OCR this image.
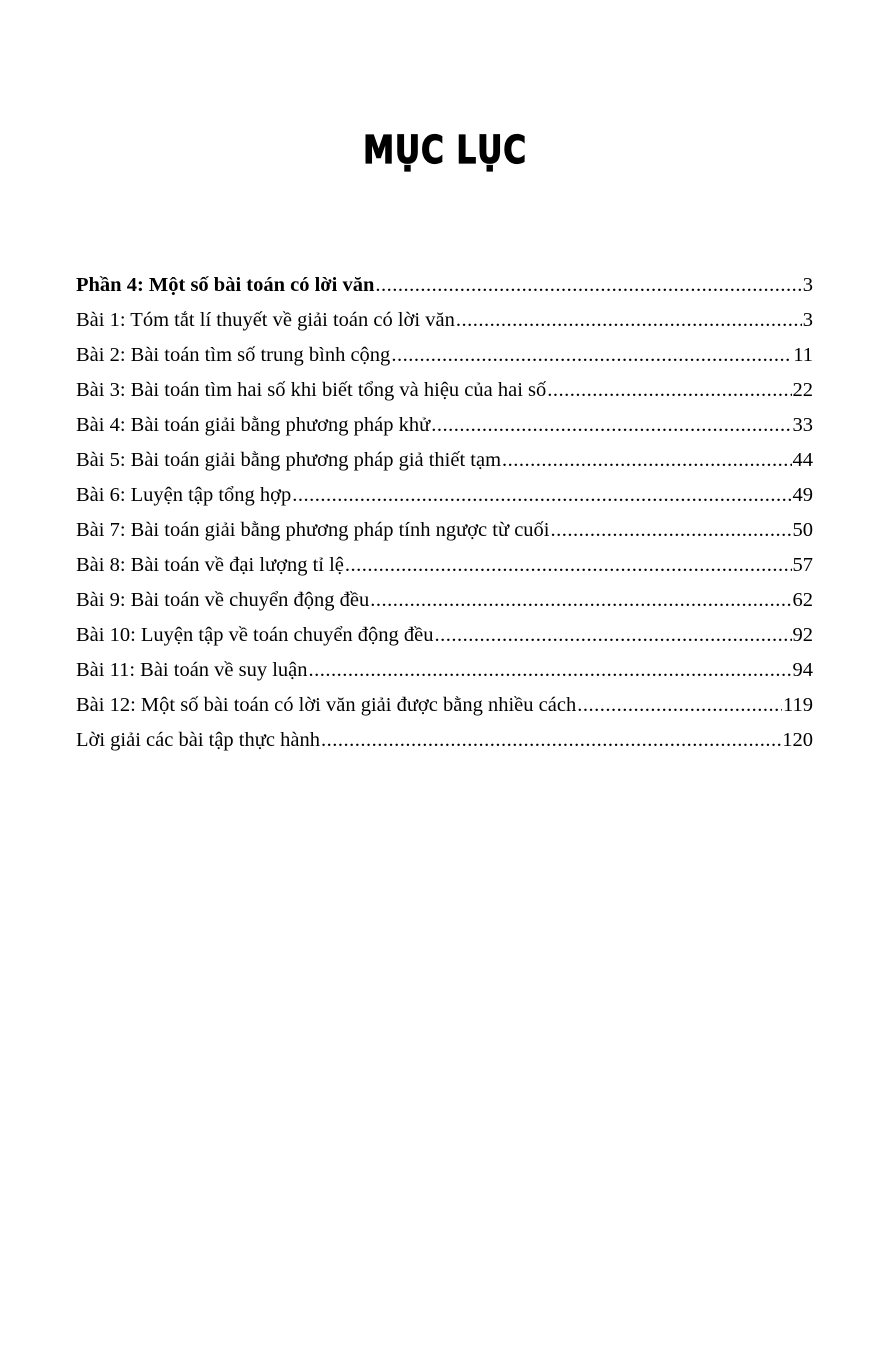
MỤC LỤC
Phần 4: Một số bài toán có lời văn .....	3
Bài 1: Tóm tắt lí thuyết về giải toán có lời văn .....	3
Bài 2: Bài toán tìm số trung bình cộng .....	11
Bài 3: Bài toán tìm hai số khi biết tổng và hiệu của hai số .....	22
Bài 4: Bài toán giải bằng phương pháp khử .....	33
Bài 5: Bài toán giải bằng phương pháp giả thiết tạm .....	44
Bài 6: Luyện tập tổng hợp .....	49
Bài 7: Bài toán giải bằng phương pháp tính ngược từ cuối .....	50
Bài 8: Bài toán về đại lượng tỉ lệ .....	57
Bài 9: Bài toán về chuyển động đều .....	62
Bài 10: Luyện tập về toán chuyển động đều .....	92
Bài 11: Bài toán về suy luận .....	94
Bài 12: Một số bài toán có lời văn giải được bằng nhiều cách .....	119
Lời giải các bài tập thực hành .....	120
